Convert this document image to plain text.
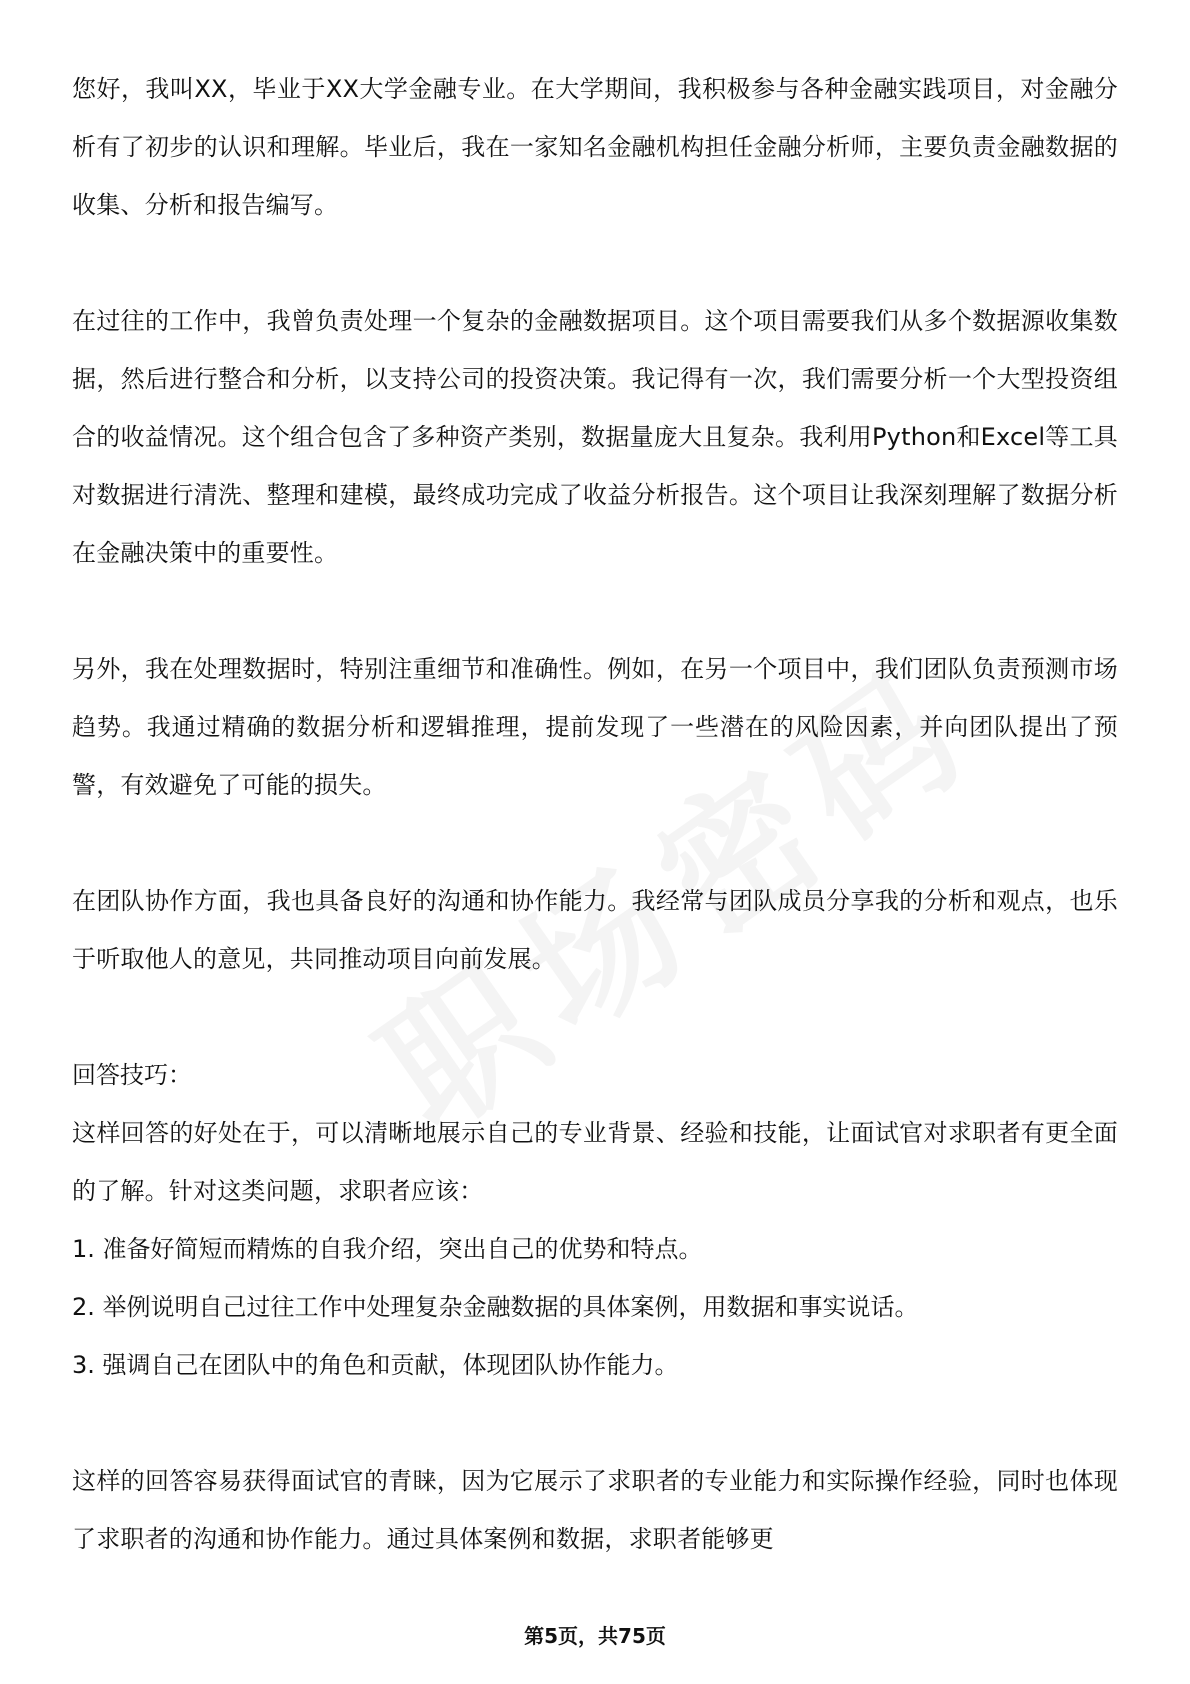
您好，我叫XX，毕业于XX大学金融专业。在大学期间，我积极参与各种金融实践项目，对金融分析有了初步的认识和理解。毕业后，我在一家知名金融机构担任金融分析师，主要负责金融数据的收集、分析和报告编写。

在过往的工作中，我曾负责处理一个复杂的金融数据项目。这个项目需要我们从多个数据源收集数据，然后进行整合和分析，以支持公司的投资决策。我记得有一次，我们需要分析一个大型投资组合的收益情况。这个组合包含了多种资产类别，数据量庞大且复杂。我利用Python和Excel等工具对数据进行清洗、整理和建模，最终成功完成了收益分析报告。这个项目让我深刻理解了数据分析在金融决策中的重要性。

另外，我在处理数据时，特别注重细节和准确性。例如，在另一个项目中，我们团队负责预测市场趋势。我通过精确的数据分析和逻辑推理，提前发现了一些潜在的风险因素，并向团队提出了预警，有效避免了可能的损失。

在团队协作方面，我也具备良好的沟通和协作能力。我经常与团队成员分享我的分析和观点，也乐于听取他人的意见，共同推动项目向前发展。

回答技巧：

这样回答的好处在于，可以清晰地展示自己的专业背景、经验和技能，让面试官对求职者有更全面的了解。针对这类问题，求职者应该：

1. 准备好简短而精炼的自我介绍，突出自己的优势和特点。

2. 举例说明自己过往工作中处理复杂金融数据的具体案例，用数据和事实说话。

3. 强调自己在团队中的角色和贡献，体现团队协作能力。

这样的回答容易获得面试官的青睐，因为它展示了求职者的专业能力和实际操作经验，同时也体现了求职者的沟通和协作能力。通过具体案例和数据，求职者能够更

第5页，共75页
